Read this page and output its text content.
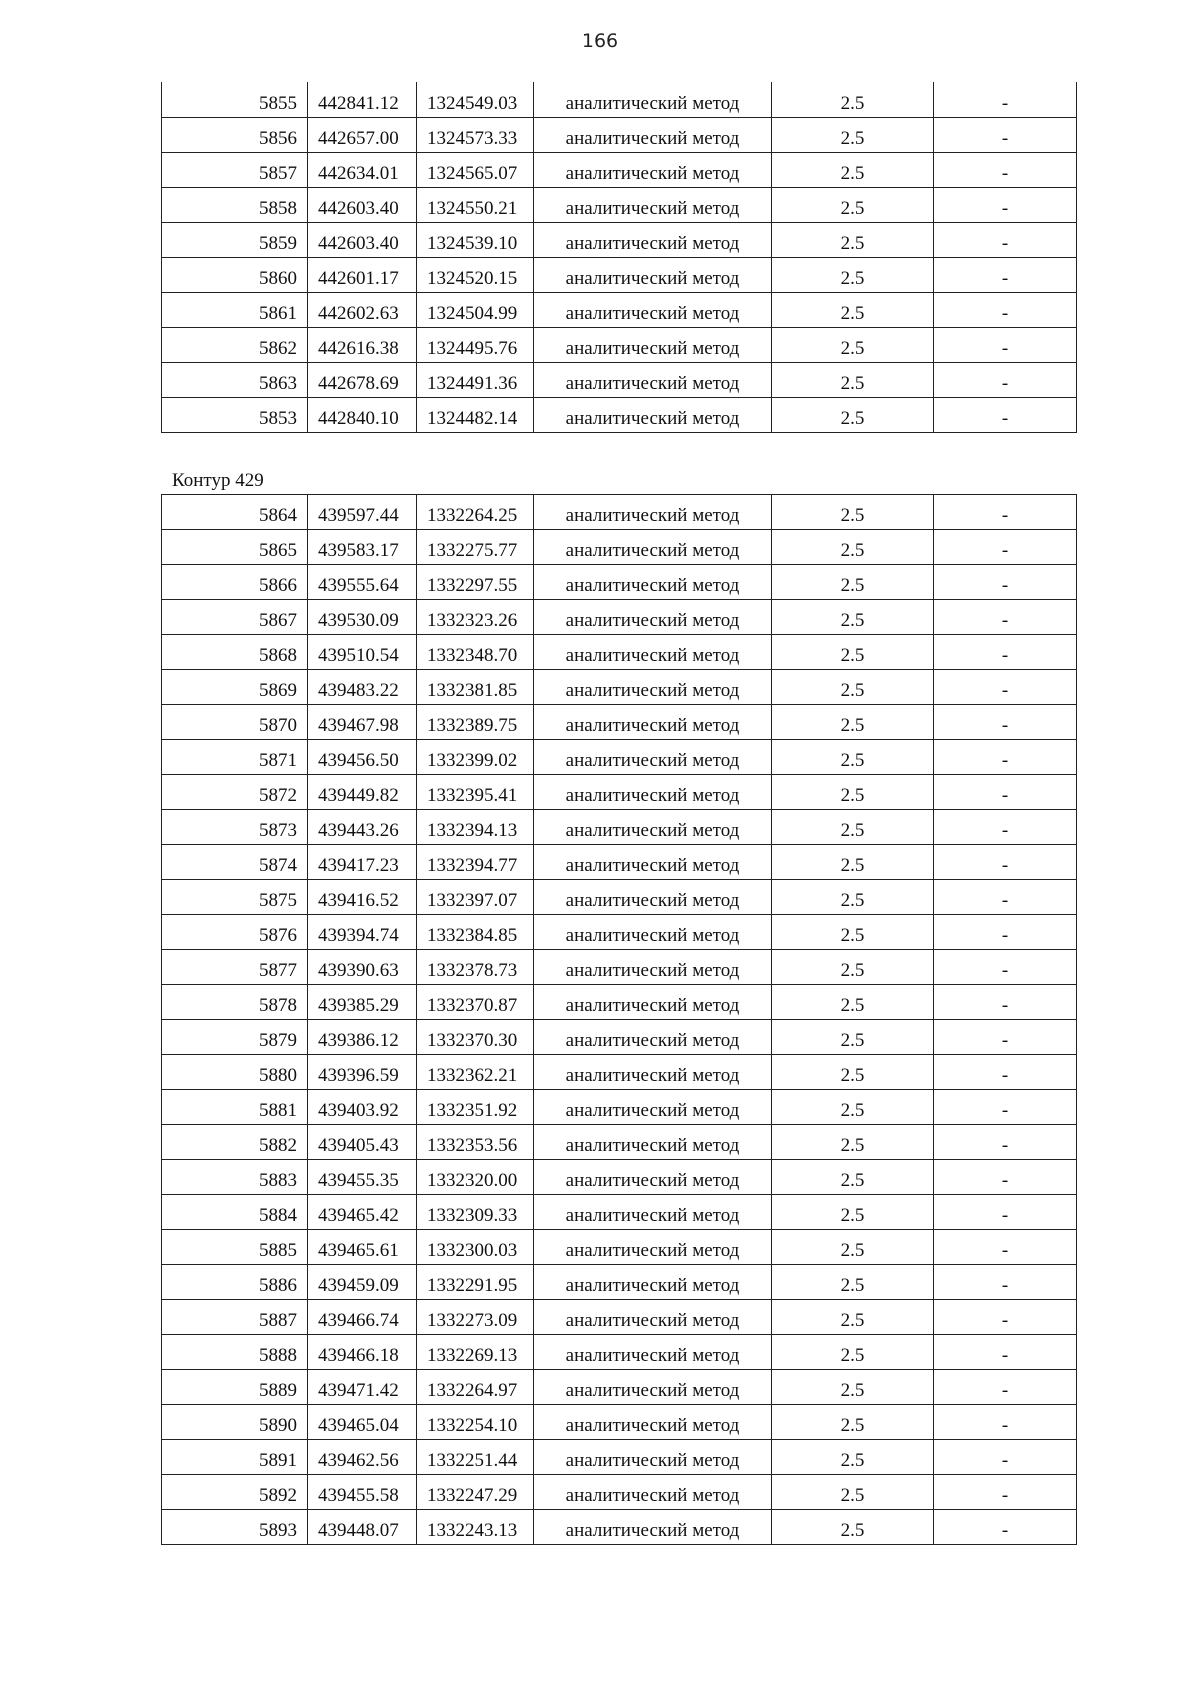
166
5855	442841.12	1324549.03	аналитический метод	2.5	-
5856	442657.00	1324573.33	аналитический метод	2.5	-
5857	442634.01	1324565.07	аналитический метод	2.5	-
5858	442603.40	1324550.21	аналитический метод	2.5	-
5859	442603.40	1324539.10	аналитический метод	2.5	-
5860	442601.17	1324520.15	аналитический метод	2.5	-
5861	442602.63	1324504.99	аналитический метод	2.5	-
5862	442616.38	1324495.76	аналитический метод	2.5	-
5863	442678.69	1324491.36	аналитический метод	2.5	-
5853	442840.10	1324482.14	аналитический метод	2.5	-
Контур 429
5864	439597.44	1332264.25	аналитический метод	2.5	-
5865	439583.17	1332275.77	аналитический метод	2.5	-
5866	439555.64	1332297.55	аналитический метод	2.5	-
5867	439530.09	1332323.26	аналитический метод	2.5	-
5868	439510.54	1332348.70	аналитический метод	2.5	-
5869	439483.22	1332381.85	аналитический метод	2.5	-
5870	439467.98	1332389.75	аналитический метод	2.5	-
5871	439456.50	1332399.02	аналитический метод	2.5	-
5872	439449.82	1332395.41	аналитический метод	2.5	-
5873	439443.26	1332394.13	аналитический метод	2.5	-
5874	439417.23	1332394.77	аналитический метод	2.5	-
5875	439416.52	1332397.07	аналитический метод	2.5	-
5876	439394.74	1332384.85	аналитический метод	2.5	-
5877	439390.63	1332378.73	аналитический метод	2.5	-
5878	439385.29	1332370.87	аналитический метод	2.5	-
5879	439386.12	1332370.30	аналитический метод	2.5	-
5880	439396.59	1332362.21	аналитический метод	2.5	-
5881	439403.92	1332351.92	аналитический метод	2.5	-
5882	439405.43	1332353.56	аналитический метод	2.5	-
5883	439455.35	1332320.00	аналитический метод	2.5	-
5884	439465.42	1332309.33	аналитический метод	2.5	-
5885	439465.61	1332300.03	аналитический метод	2.5	-
5886	439459.09	1332291.95	аналитический метод	2.5	-
5887	439466.74	1332273.09	аналитический метод	2.5	-
5888	439466.18	1332269.13	аналитический метод	2.5	-
5889	439471.42	1332264.97	аналитический метод	2.5	-
5890	439465.04	1332254.10	аналитический метод	2.5	-
5891	439462.56	1332251.44	аналитический метод	2.5	-
5892	439455.58	1332247.29	аналитический метод	2.5	-
5893	439448.07	1332243.13	аналитический метод	2.5	-
